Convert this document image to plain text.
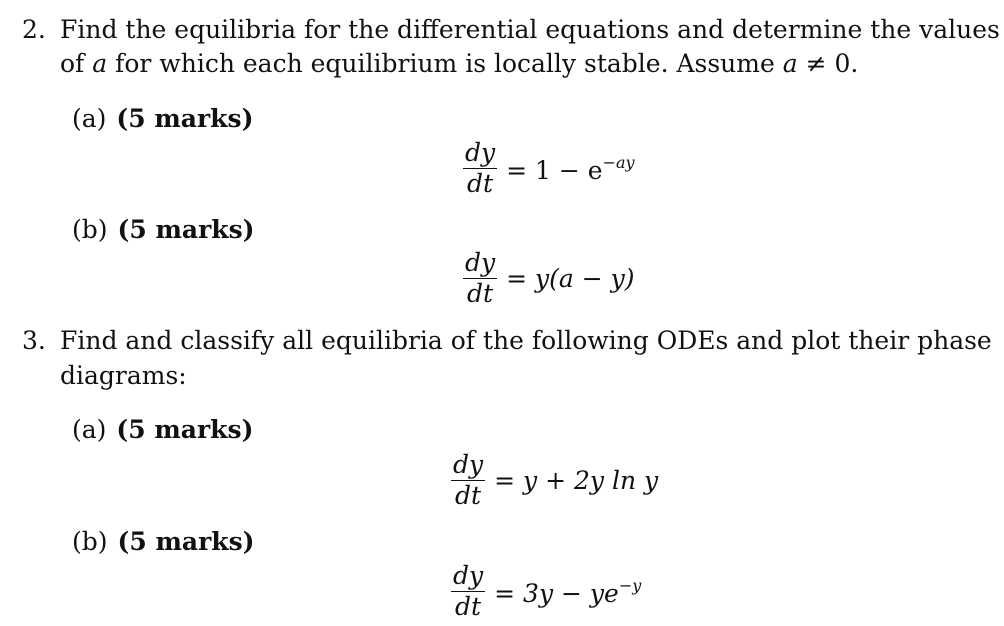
2. Find the equilibria for the differential equations and determine the values
of a for which each equilibrium is locally stable. Assume a ≠ 0.
(a) (5 marks)
$\frac{dy}{dt} = 1 - e^{-ay}$
(b) (5 marks)
$\frac{dy}{dt} = y(a - y)$
3. Find and classify all equilibria of the following ODEs and plot their phase
diagrams:
(a) (5 marks)
$\frac{dy}{dt} = y + 2y$ ln y
(b) (5 marks)
$\frac{dy}{dt} = 3y - ye^{-y}$
